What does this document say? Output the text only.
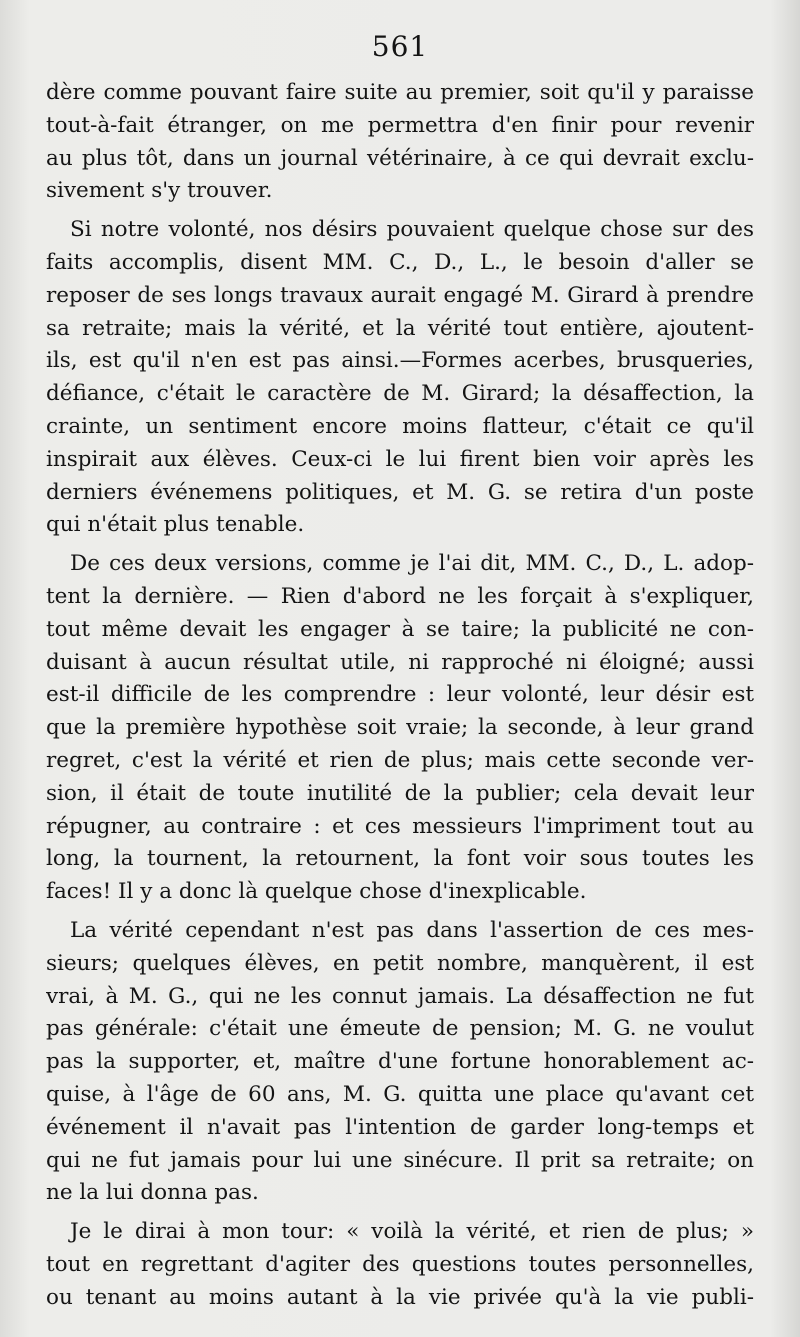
561
dère comme pouvant faire suite au premier, soit qu'il y paraisse
tout-à-fait étranger, on me permettra d'en finir pour revenir
au plus tôt, dans un journal vétérinaire, à ce qui devrait exclu-
sivement s'y trouver.
Si notre volonté, nos désirs pouvaient quelque chose sur des
faits accomplis, disent MM. C., D., L., le besoin d'aller se
reposer de ses longs travaux aurait engagé M. Girard à prendre
sa retraite; mais la vérité, et la vérité tout entière, ajoutent-
ils, est qu'il n'en est pas ainsi.—Formes acerbes, brusqueries,
défiance, c'était le caractère de M. Girard; la désaffection, la
crainte, un sentiment encore moins flatteur, c'était ce qu'il
inspirait aux élèves. Ceux-ci le lui firent bien voir après les
derniers événemens politiques, et M. G. se retira d'un poste
qui n'était plus tenable.
De ces deux versions, comme je l'ai dit, MM. C., D., L. adop-
tent la dernière. — Rien d'abord ne les forçait à s'expliquer,
tout même devait les engager à se taire; la publicité ne con-
duisant à aucun résultat utile, ni rapproché ni éloigné; aussi
est-il difficile de les comprendre : leur volonté, leur désir est
que la première hypothèse soit vraie; la seconde, à leur grand
regret, c'est la vérité et rien de plus; mais cette seconde ver-
sion, il était de toute inutilité de la publier; cela devait leur
répugner, au contraire : et ces messieurs l'impriment tout au
long, la tournent, la retournent, la font voir sous toutes les
faces! Il y a donc là quelque chose d'inexplicable.
La vérité cependant n'est pas dans l'assertion de ces mes-
sieurs; quelques élèves, en petit nombre, manquèrent, il est
vrai, à M. G., qui ne les connut jamais. La désaffection ne fut
pas générale: c'était une émeute de pension; M. G. ne voulut
pas la supporter, et, maître d'une fortune honorablement ac-
quise, à l'âge de 60 ans, M. G. quitta une place qu'avant cet
événement il n'avait pas l'intention de garder long-temps et
qui ne fut jamais pour lui une sinécure. Il prit sa retraite; on
ne la lui donna pas.
Je le dirai à mon tour: « voilà la vérité, et rien de plus; »
tout en regrettant d'agiter des questions toutes personnelles,
ou tenant au moins autant à la vie privée qu'à la vie publi-
